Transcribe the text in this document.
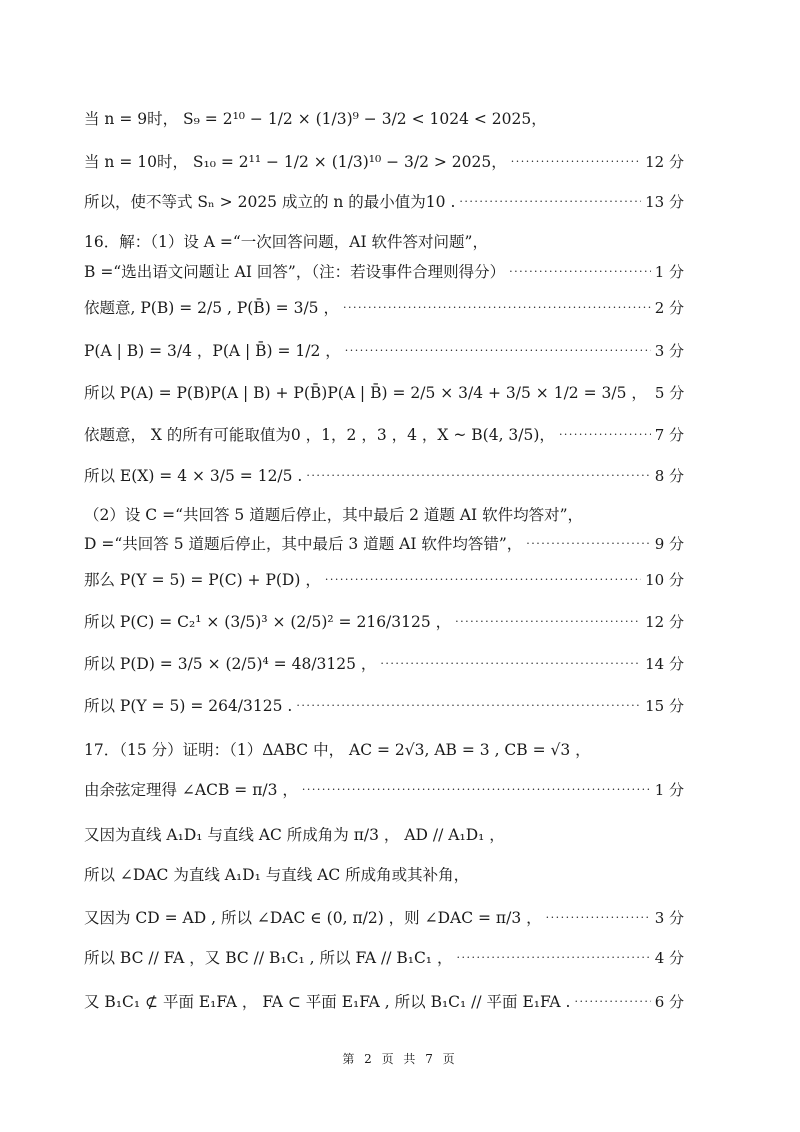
当 n = 9时， S₉ = 2¹⁰ − 1/2 × (1/3)⁹ − 3/2 < 1024 < 2025，
当 n = 10时， S₁₀ = 2¹¹ − 1/2 × (1/3)¹⁰ − 3/2 > 2025， ·····	12 分
所以，使不等式 Sₙ > 2025 成立的 n 的最小值为10 . ·····	13 分
16．解：（1）设 A =“一次回答问题，AI 软件答对问题”，
B =“选出语文问题让 AI 回答”，（注：若设事件合理则得分） ·····	1 分
依题意, P(B) = 2/5 , P(B̄) = 3/5 ， ·····	2 分
P(A | B) = 3/4 ，P(A | B̄) = 1/2 ， ·····	3 分
所以 P(A) = P(B)P(A | B) + P(B̄)P(A | B̄) = 2/5 × 3/4 + 3/5 × 1/2 = 3/5 ， 5 分
依题意， X 的所有可能取值为0 ，1，2 ，3 ，4 ，X ~ B(4, 3/5)， ·····	7 分
所以 E(X) = 4 × 3/5 = 12/5 . ·····	8 分
（2）设 C =“共回答 5 道题后停止，其中最后 2 道题 AI 软件均答对”，
D =“共回答 5 道题后停止，其中最后 3 道题 AI 软件均答错”， ·····	9 分
那么 P(Y = 5) = P(C) + P(D) ， ·····	10 分
所以 P(C) = C₂¹ × (3/5)³ × (2/5)² = 216/3125 ， ·····	12 分
所以 P(D) = 3/5 × (2/5)⁴ = 48/3125 ， ·····	14 分
所以 P(Y = 5) = 264/3125 . ·····	15 分
17．（15 分）证明：（1）ΔABC 中， AC = 2√3, AB = 3 , CB = √3 ，
由余弦定理得 ∠ACB = π/3 ， ·····	1 分
又因为直线 A₁D₁ 与直线 AC 所成角为 π/3 ， AD // A₁D₁ ，
所以 ∠DAC 为直线 A₁D₁ 与直线 AC 所成角或其补角，
又因为 CD = AD , 所以 ∠DAC ∈ (0, π/2) ，则 ∠DAC = π/3 ， ·····	3 分
所以 BC // FA ，又 BC // B₁C₁ , 所以 FA // B₁C₁ ， ·····	4 分
又 B₁C₁ ⊄ 平面 E₁FA ， FA ⊂ 平面 E₁FA , 所以 B₁C₁ // 平面 E₁FA . ·····	6 分
第 2 页 共 7 页
